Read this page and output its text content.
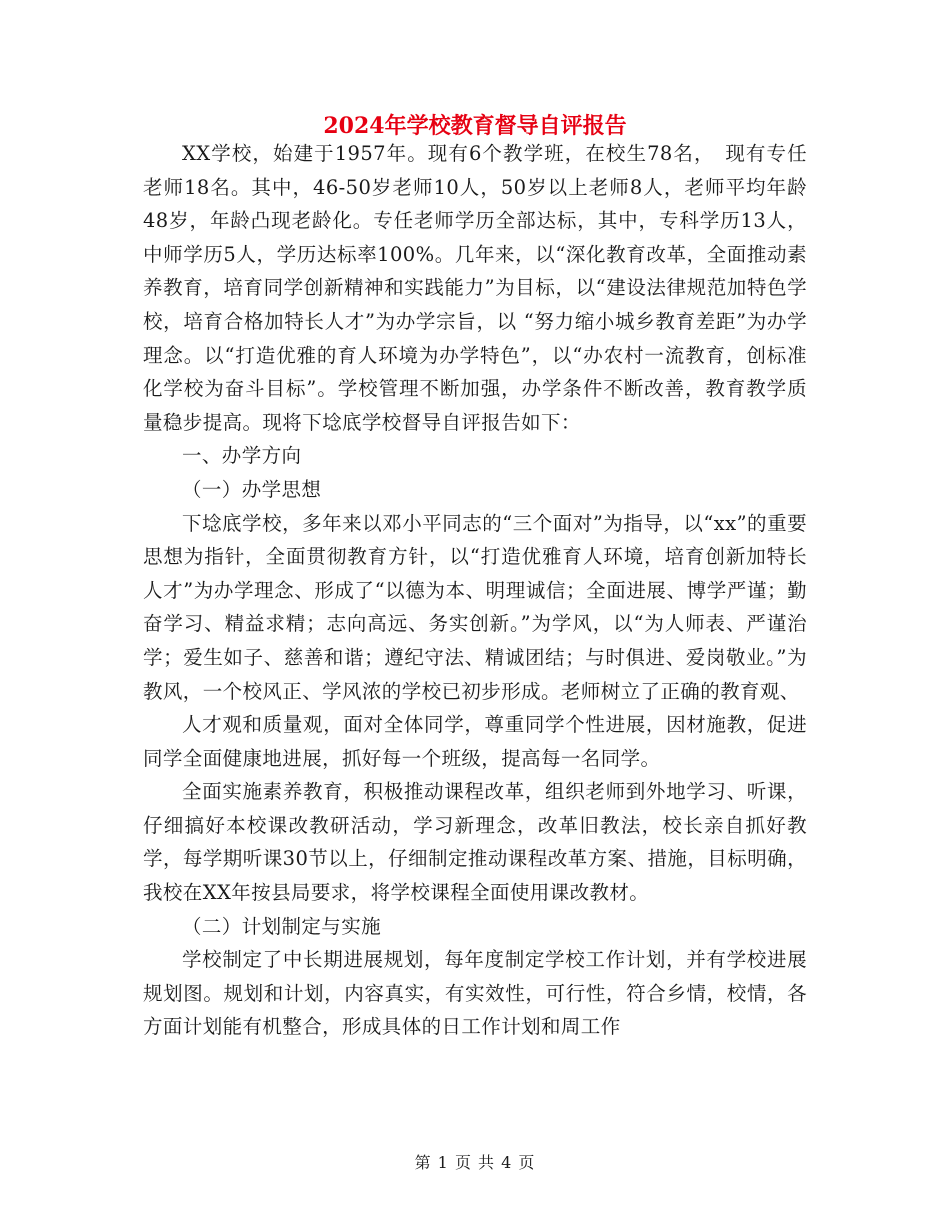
2024年学校教育督导自评报告

XX学校，始建于1957年。现有6个教学班，在校生78名，　现有专任老师18名。其中，46-50岁老师10人，50岁以上老师8人，老师平均年龄48岁，年龄凸现老龄化。专任老师学历全部达标，其中，专科学历13人，中师学历5人，学历达标率100%。几年来，以“深化教育改革，全面推动素养教育，培育同学创新精神和实践能力”为目标，以“建设法律规范加特色学校，培育合格加特长人才”为办学宗旨，以 “努力缩小城乡教育差距”为办学理念。以“打造优雅的育人环境为办学特色”，以“办农村一流教育，创标准化学校为奋斗目标”。学校管理不断加强，办学条件不断改善，教育教学质量稳步提高。现将下埝底学校督导自评报告如下：

一、办学方向

（一）办学思想

下埝底学校，多年来以邓小平同志的“三个面对”为指导，以“xx”的重要思想为指针，全面贯彻教育方针，以“打造优雅育人环境，培育创新加特长人才”为办学理念、形成了“以德为本、明理诚信；全面进展、博学严谨；勤奋学习、精益求精；志向高远、务实创新。”为学风，以“为人师表、严谨治学；爱生如子、慈善和谐；遵纪守法、精诚团结；与时俱进、爱岗敬业。”为教风，一个校风正、学风浓的学校已初步形成。老师树立了正确的教育观、

人才观和质量观，面对全体同学，尊重同学个性进展，因材施教，促进同学全面健康地进展，抓好每一个班级，提高每一名同学。

全面实施素养教育，积极推动课程改革，组织老师到外地学习、听课，仔细搞好本校课改教研活动，学习新理念，改革旧教法，校长亲自抓好教学，每学期听课30节以上，仔细制定推动课程改革方案、措施，目标明确，我校在XX年按县局要求，将学校课程全面使用课改教材。

（二）计划制定与实施

学校制定了中长期进展规划，每年度制定学校工作计划，并有学校进展规划图。规划和计划，内容真实，有实效性，可行性，符合乡情，校情，各方面计划能有机整合，形成具体的日工作计划和周工作

第 1 页 共 4 页
